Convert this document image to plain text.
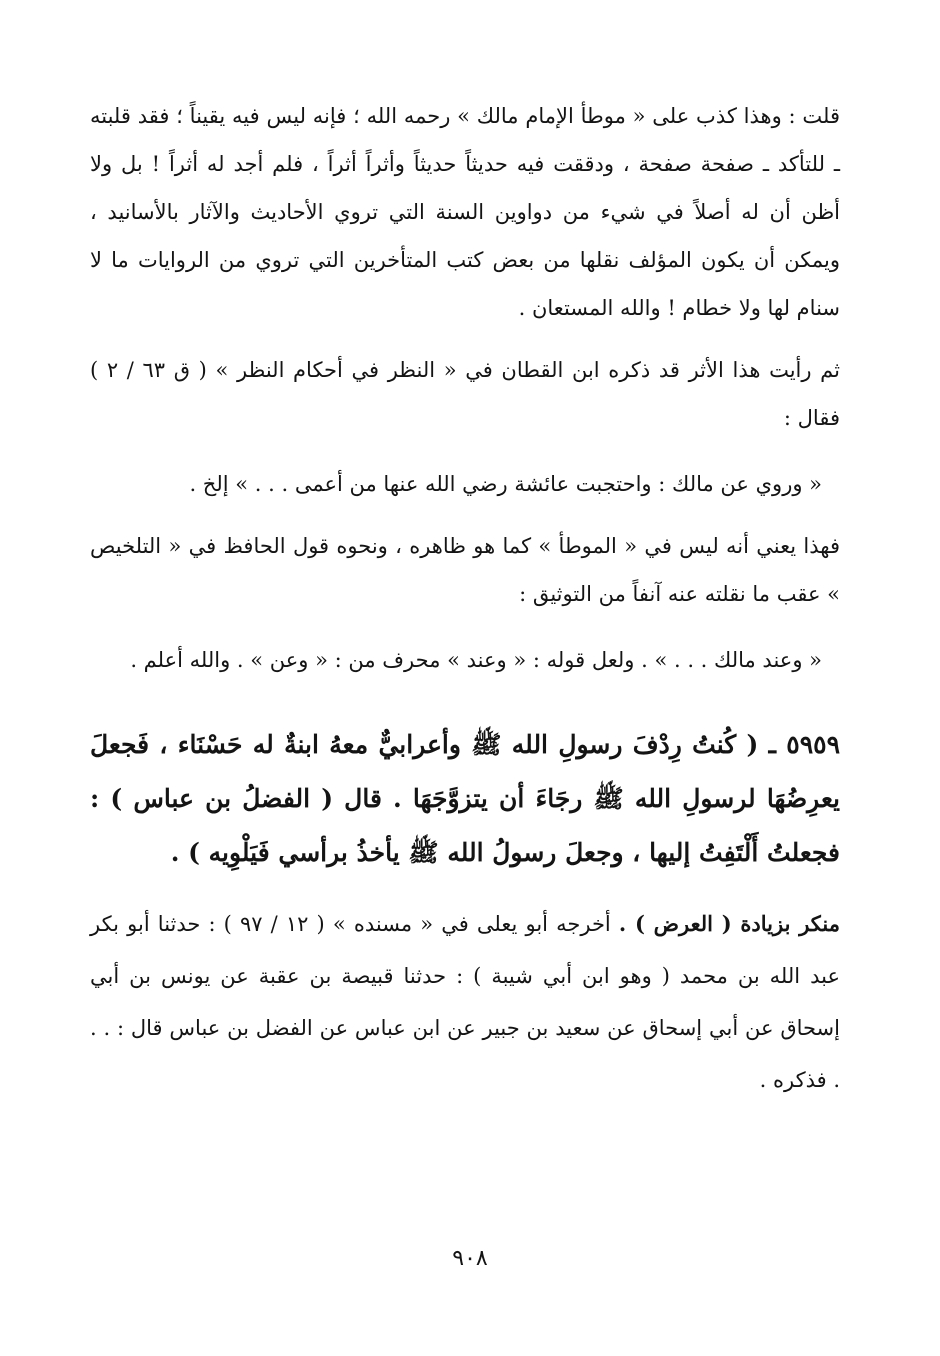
قلت : وهذا كذب على « موطأ الإمام مالك » رحمه الله ؛ فإنه ليس فيه يقيناً ؛ فقد قلبته ـ للتأكد ـ صفحة صفحة ، ودققت فيه حديثاً حديثاً وأثراً أثراً ، فلم أجد له أثراً ! بل ولا أظن أن له أصلاً في شيء من دواوين السنة التي تروي الأحاديث والآثار بالأسانيد ، ويمكن أن يكون المؤلف نقلها من بعض كتب المتأخرين التي تروي من الروايات ما لا سنام لها ولا خطام ! والله المستعان .

ثم رأيت هذا الأثر قد ذكره ابن القطان في « النظر في أحكام النظر » ( ق ٦٣ / ٢ ) فقال :

« وروي عن مالك : واحتجبت عائشة رضي الله عنها من أعمى . . . » إلخ .

فهذا يعني أنه ليس في « الموطأ » كما هو ظاهره ، ونحوه قول الحافظ في « التلخيص » عقب ما نقلته عنه آنفاً من التوثيق :

« وعند مالك . . . » . ولعل قوله : « وعند » محرف من : « وعن » . والله أعلم .

٥٩٥٩ ـ ( كُنتُ رِدْفَ رسولِ الله ﷺ وأعرابيٌّ معهُ ابنةٌ له حَسْنَاء ، فَجعلَ يعرِضُهَا لرسولِ الله ﷺ رجَاءَ أن يتزوَّجَهَا . قال ( الفضلُ بن عباس ) : فجعلتُ أَلْتَفِتُ إليها ، وجعلَ رسولُ الله ﷺ يأخذُ برأسي فَيَلْوِيه ) .

منكر بزيادة ( العرض ) . أخرجه أبو يعلى في « مسنده » ( ١٢ / ٩٧ ) : حدثنا أبو بكر عبد الله بن محمد ( وهو ابن أبي شيبة ) : حدثنا قبيصة بن عقبة عن يونس بن أبي إسحاق عن أبي إسحاق عن سعيد بن جبير عن ابن عباس عن الفضل بن عباس قال : . . . فذكره .

٩٠٨
